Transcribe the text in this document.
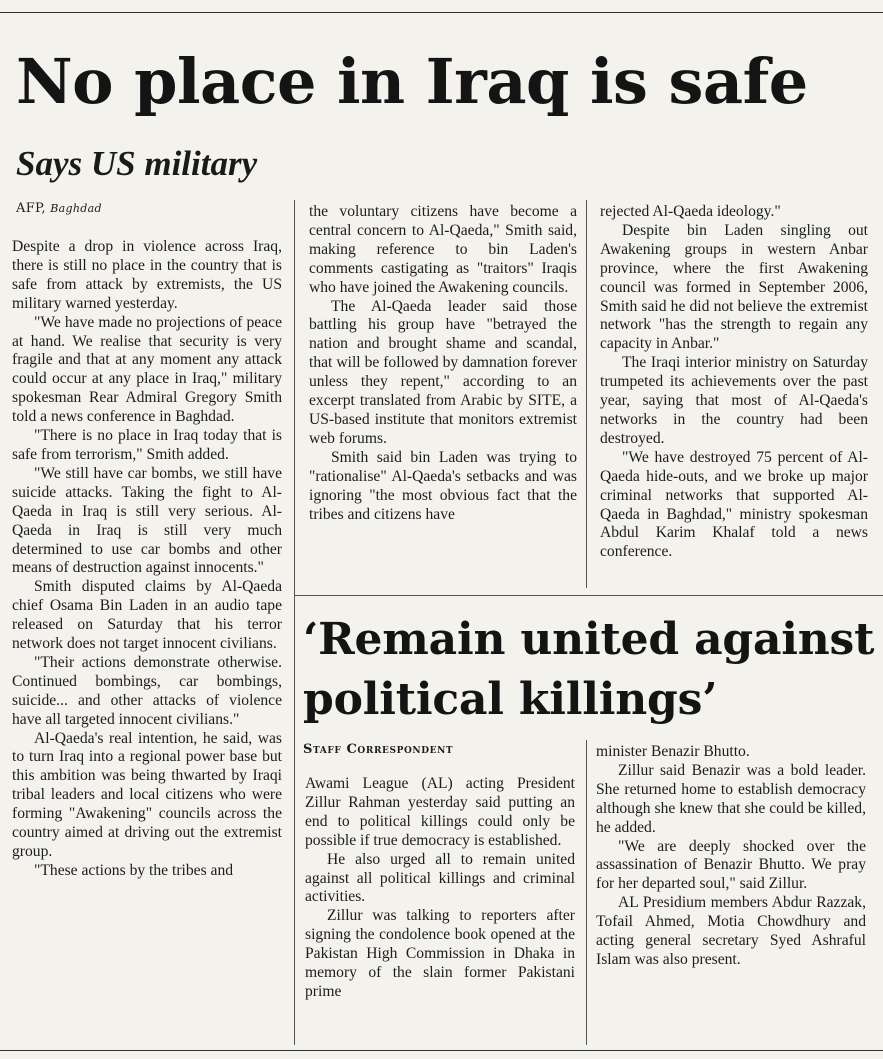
No place in Iraq is safe
Says US military
AFP, Baghdad

Despite a drop in violence across Iraq, there is still no place in the country that is safe from attack by extremists, the US military warned yesterday.

"We have made no projections of peace at hand. We realise that security is very fragile and that at any moment any attack could occur at any place in Iraq," military spokesman Rear Admiral Gregory Smith told a news conference in Baghdad.

"There is no place in Iraq today that is safe from terrorism," Smith added.

"We still have car bombs, we still have suicide attacks. Taking the fight to Al-Qaeda in Iraq is still very serious. Al-Qaeda in Iraq is still very much determined to use car bombs and other means of destruction against innocents."

Smith disputed claims by Al-Qaeda chief Osama Bin Laden in an audio tape released on Saturday that his terror network does not target innocent civilians.

"Their actions demonstrate otherwise. Continued bombings, car bombings, suicide... and other attacks of violence have all targeted innocent civilians."

Al-Qaeda's real intention, he said, was to turn Iraq into a regional power base but this ambition was being thwarted by Iraqi tribal leaders and local citizens who were forming "Awakening" councils across the country aimed at driving out the extremist group.

"These actions by the tribes and

the voluntary citizens have become a central concern to Al-Qaeda," Smith said, making reference to bin Laden's comments castigating as "traitors" Iraqis who have joined the Awakening councils.

The Al-Qaeda leader said those battling his group have "betrayed the nation and brought shame and scandal, that will be followed by damnation forever unless they repent," according to an excerpt translated from Arabic by SITE, a US-based institute that monitors extremist web forums.

Smith said bin Laden was trying to "rationalise" Al-Qaeda's setbacks and was ignoring "the most obvious fact that the tribes and citizens have

rejected Al-Qaeda ideology."

Despite bin Laden singling out Awakening groups in western Anbar province, where the first Awakening council was formed in September 2006, Smith said he did not believe the extremist network "has the strength to regain any capacity in Anbar."

The Iraqi interior ministry on Saturday trumpeted its achievements over the past year, saying that most of Al-Qaeda's networks in the country had been destroyed.

"We have destroyed 75 percent of Al-Qaeda hide-outs, and we broke up major criminal networks that supported Al-Qaeda in Baghdad," ministry spokesman Abdul Karim Khalaf told a news conference.

‘Remain united against
political killings’
Staff Correspondent

Awami League (AL) acting President Zillur Rahman yesterday said putting an end to political killings could only be possible if true democracy is established.

He also urged all to remain united against all political killings and criminal activities.

Zillur was talking to reporters after signing the condolence book opened at the Pakistan High Commission in Dhaka in memory of the slain former Pakistani prime

minister Benazir Bhutto.

Zillur said Benazir was a bold leader. She returned home to establish democracy although she knew that she could be killed, he added.

"We are deeply shocked over the assassination of Benazir Bhutto. We pray for her departed soul," said Zillur.

AL Presidium members Abdur Razzak, Tofail Ahmed, Motia Chowdhury and acting general secretary Syed Ashraful Islam was also present.
